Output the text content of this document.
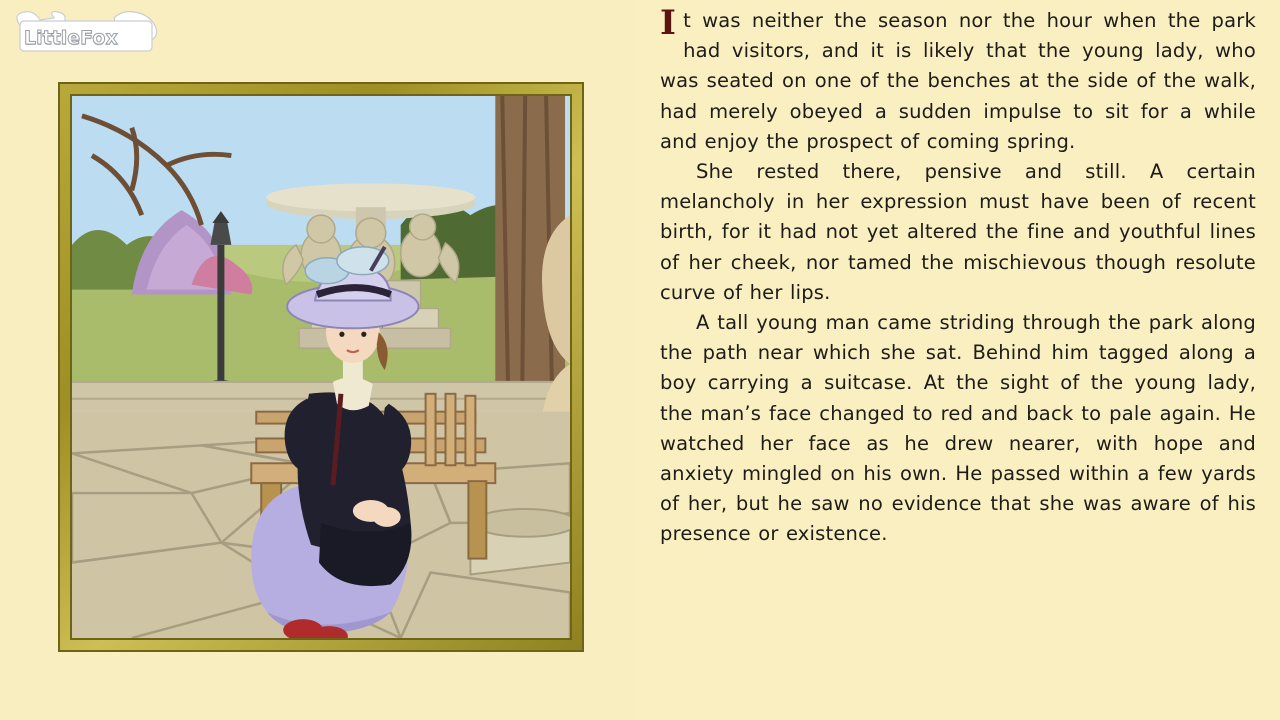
LittleFox	It was neither the season nor the hour when the park had visitors, and it is likely that the young lady, who was seated on one of the benches at the side of the walk, had merely obeyed a sudden impulse to sit for a while and enjoy the prospect of coming spring.

She rested there, pensive and still. A certain melancholy in her expression must have been of recent birth, for it had not yet altered the fine and youthful lines of her cheek, nor tamed the mischievous though resolute curve of her lips.

A tall young man came striding through the park along the path near which she sat. Behind him tagged along a boy carrying a suitcase. At the sight of the young lady, the man’s face changed to red and back to pale again. He watched her face as he drew nearer, with hope and anxiety mingled on his own. He passed within a few yards of her, but he saw no evidence that she was aware of his presence or existence.
